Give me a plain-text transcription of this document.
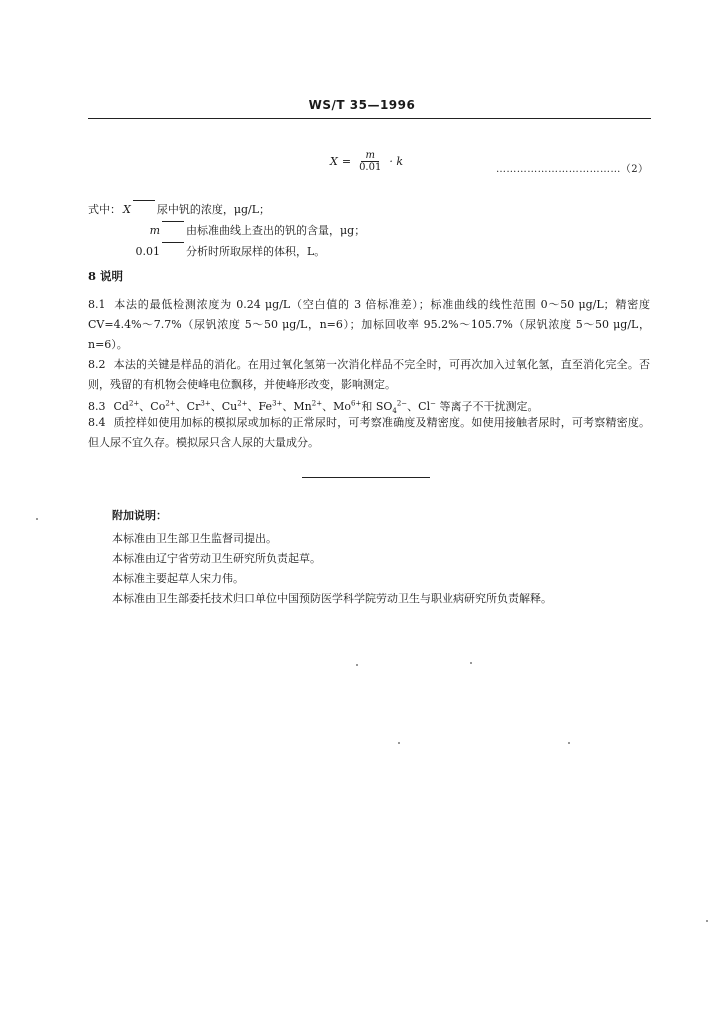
WS/T 35—1996
$X = \frac{m}{0.01} \cdot k$
………………………………（2）
式中： X 尿中钒的浓度，μg/L；
m 由标准曲线上查出的钒的含量，μg；
0.01 分析时所取尿样的体积，L。
8 说明
8.1 本法的最低检测浓度为 0.24 μg/L（空白值的 3 倍标准差）；标准曲线的线性范围 0～50 μg/L；精密度 CV=4.4%～7.7%（尿钒浓度 5～50 μg/L，n=6）；加标回收率 95.2%～105.7%（尿钒浓度 5～50 μg/L，n=6）。
8.2 本法的关键是样品的消化。在用过氧化氢第一次消化样品不完全时，可再次加入过氧化氢，直至消化完全。否则，残留的有机物会使峰电位飘移，并使峰形改变，影响测定。
8.3 $Cd^{2+}$、$Co^{2+}$、$Cr^{3+}$、$Cu^{2+}$、$Fe^{3+}$、$Mn^{2+}$、$Mo^{6+}$和 $SO_4^{2-}$、Cl− 等离子不干扰测定。
8.4 质控样如使用加标的模拟尿或加标的正常尿时，可考察准确度及精密度。如使用接触者尿时，可考察精密度。但人尿不宜久存。模拟尿只含人尿的大量成分。
附加说明：
本标准由卫生部卫生监督司提出。
本标准由辽宁省劳动卫生研究所负责起草。
本标准主要起草人宋力伟。
本标准由卫生部委托技术归口单位中国预防医学科学院劳动卫生与职业病研究所负责解释。
